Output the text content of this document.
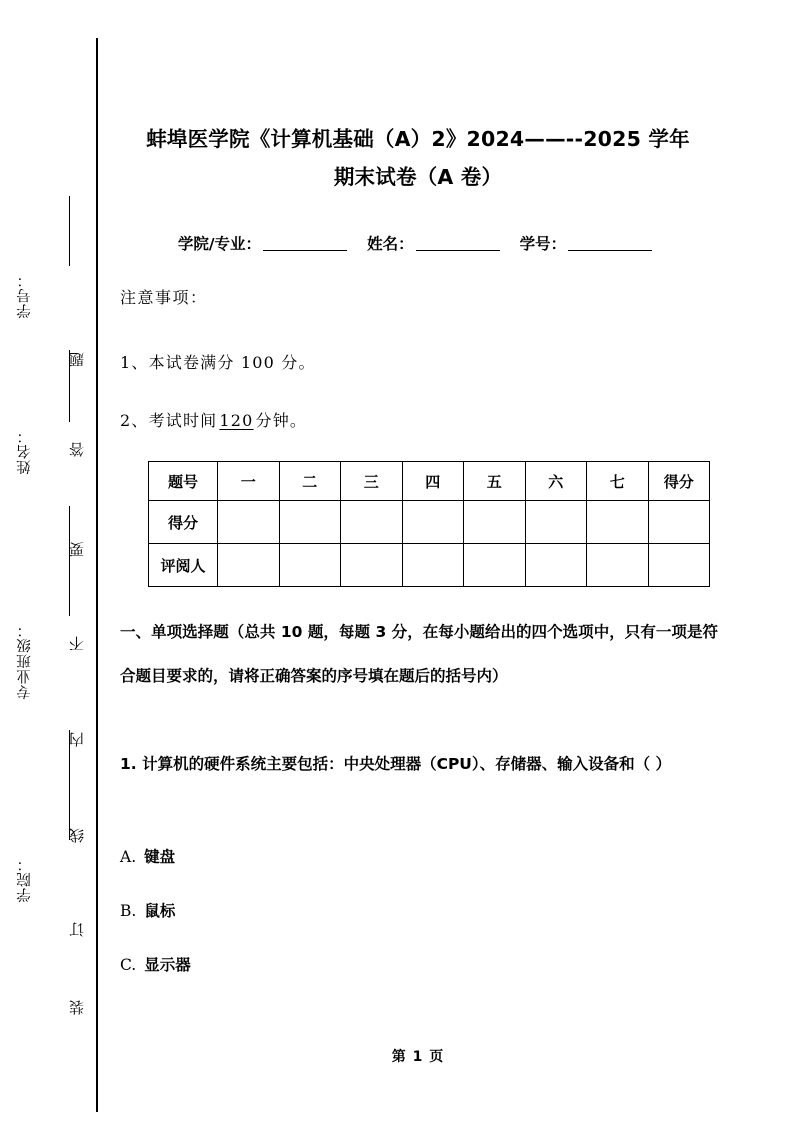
学号：
姓名：
专业班级：
学院：
题
答
要
不
内
线
订
装
蚌埠医学院《计算机基础（A）2》2024——--2025 学年
期末试卷（A 卷）
学院/专业：	姓名：	学号：
注意事项：
1、本试卷满分 100 分。
2、考试时间 120 分钟。
题号	一	二	三	四	五	六	七	得分
得分								
评阅人								
一、单项选择题（总共 10 题，每题 3 分，在每小题给出的四个选项中，只有一项是符合题目要求的，请将正确答案的序号填在题后的括号内）
1. 计算机的硬件系统主要包括：中央处理器（CPU）、存储器、输入设备和（ ）
A. 键盘
B. 鼠标
C. 显示器
第 1 页
